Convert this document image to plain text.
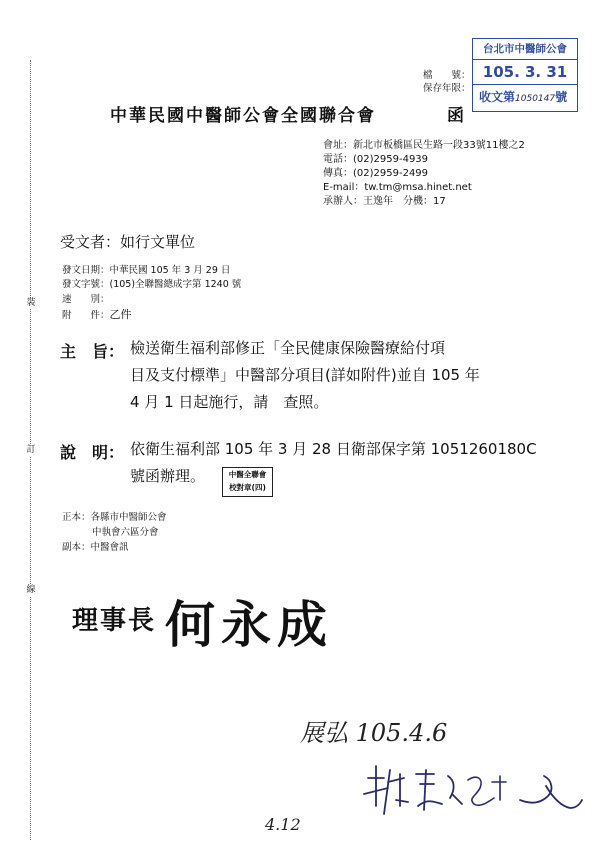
裝
訂
線
台北市中醫師公會
105. 3. 31
收文第1050147號
檔　　號：
保存年限：
中華民國中醫師公會全國聯合會	函
會址：新北市板橋區民生路一段33號11樓之2
電話：(02)2959-4939
傳真：(02)2959-2499
E-mail：tw.tm@msa.hinet.net
承辦人：王逸年　分機：17
受文者：如行文單位
發文日期：中華民國 105 年 3 月 29 日
發文字號：(105)全聯醫總成字第 1240 號
速　　別：
附　　件：乙件
主　旨： 檢送衛生福利部修正「全民健康保險醫療給付項
目及支付標準」中醫部分項目(詳如附件)並自 105 年
4 月 1 日起施行，請　查照。
說　明： 依衛生福利部 105 年 3 月 28 日衛部保字第 1051260180C
號函辦理。	中醫全聯會
校對章(四)
正本：各縣市中醫師公會
中執會六區分會
副本：中醫會訊
理事長 何永成
展弘 105.4.6
4.12
